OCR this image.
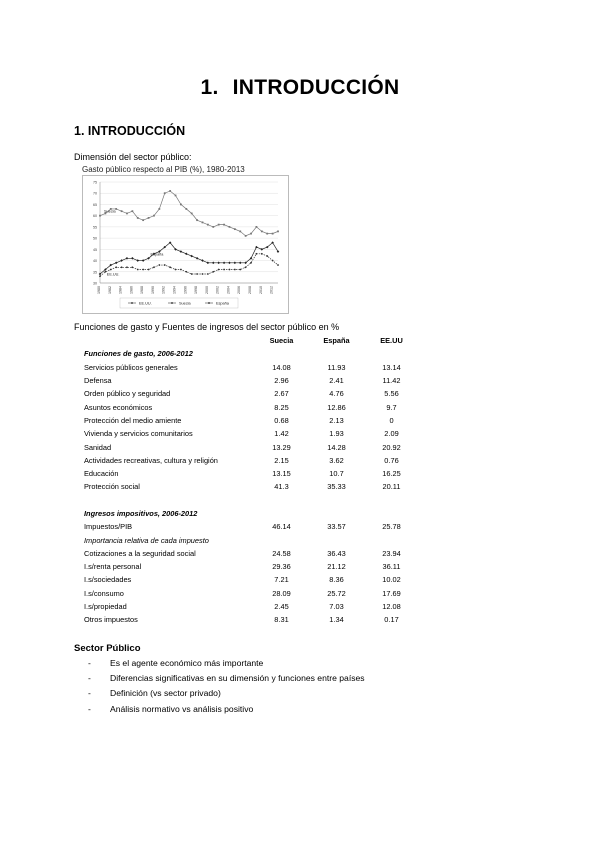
1. INTRODUCCIÓN
1. INTRODUCCIÓN
Dimensión del sector público:
Gasto público respecto al PIB (%), 1980-2013
30
35
40
45
50
55
60
65
70
75
1980 1982 1984 1986 1988 1990 1992 1994 1996 1998 2000 2002 2004 2006 2008 2010 2012
Suecia
España
EE.UU.
EE.UU.	Suecia	España
Funciones de gasto y Fuentes de ingresos del sector público en %
	Suecia	España	EE.UU
Funciones de gasto, 2006-2012			
Servicios públicos generales	14.08	11.93	13.14
Defensa	2.96	2.41	11.42
Orden público y seguridad	2.67	4.76	5.56
Asuntos económicos	8.25	12.86	9.7
Protección del medio amiente	0.68	2.13	0
Vivienda y servicios comunitarios	1.42	1.93	2.09
Sanidad	13.29	14.28	20.92
Actividades recreativas, cultura y religión	2.15	3.62	0.76
Educación	13.15	10.7	16.25
Protección social	41.3	35.33	20.11

Ingresos impositivos, 2006-2012			
Impuestos/PIB	46.14	33.57	25.78
Importancia relativa de cada impuesto			
Cotizaciones a la seguridad social	24.58	36.43	23.94
I.s/renta personal	29.36	21.12	36.11
I.s/sociedades	7.21	8.36	10.02
I.s/consumo	28.09	25.72	17.69
I.s/propiedad	2.45	7.03	12.08
Otros impuestos	8.31	1.34	0.17
Sector Público
-	Es el agente económico más importante
-	Diferencias significativas en su dimensión y funciones entre países
-	Definición (vs sector privado)
-	Análisis normativo vs análisis positivo
